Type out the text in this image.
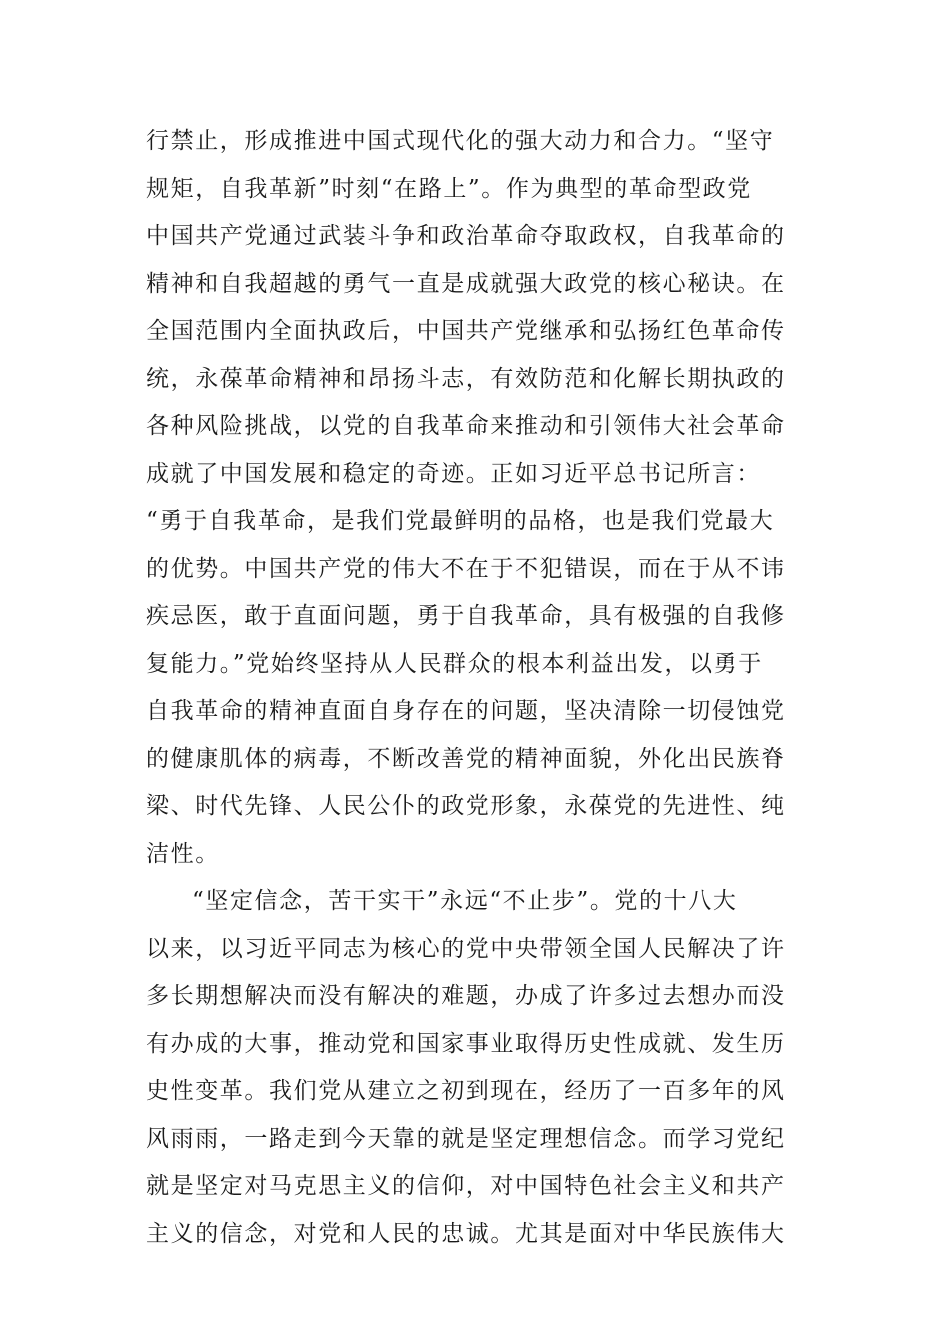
行禁止，形成推进中国式现代化的强大动力和合力。“坚守
规矩，自我革新”时刻“在路上”。作为典型的革命型政党
中国共产党通过武装斗争和政治革命夺取政权，自我革命的
精神和自我超越的勇气一直是成就强大政党的核心秘诀。在
全国范围内全面执政后，中国共产党继承和弘扬红色革命传
统，永葆革命精神和昂扬斗志，有效防范和化解长期执政的
各种风险挑战，以党的自我革命来推动和引领伟大社会革命
成就了中国发展和稳定的奇迹。正如习近平总书记所言：
“勇于自我革命，是我们党最鲜明的品格，也是我们党最大
的优势。中国共产党的伟大不在于不犯错误，而在于从不讳
疾忌医，敢于直面问题，勇于自我革命，具有极强的自我修
复能力。”党始终坚持从人民群众的根本利益出发，以勇于
自我革命的精神直面自身存在的问题，坚决清除一切侵蚀党
的健康肌体的病毒，不断改善党的精神面貌，外化出民族脊
梁、时代先锋、人民公仆的政党形象，永葆党的先进性、纯
洁性。
“坚定信念，苦干实干”永远“不止步”。党的十八大
以来，以习近平同志为核心的党中央带领全国人民解决了许
多长期想解决而没有解决的难题，办成了许多过去想办而没
有办成的大事，推动党和国家事业取得历史性成就、发生历
史性变革。我们党从建立之初到现在，经历了一百多年的风
风雨雨，一路走到今天靠的就是坚定理想信念。而学习党纪
就是坚定对马克思主义的信仰，对中国特色社会主义和共产
主义的信念，对党和人民的忠诚。尤其是面对中华民族伟大
